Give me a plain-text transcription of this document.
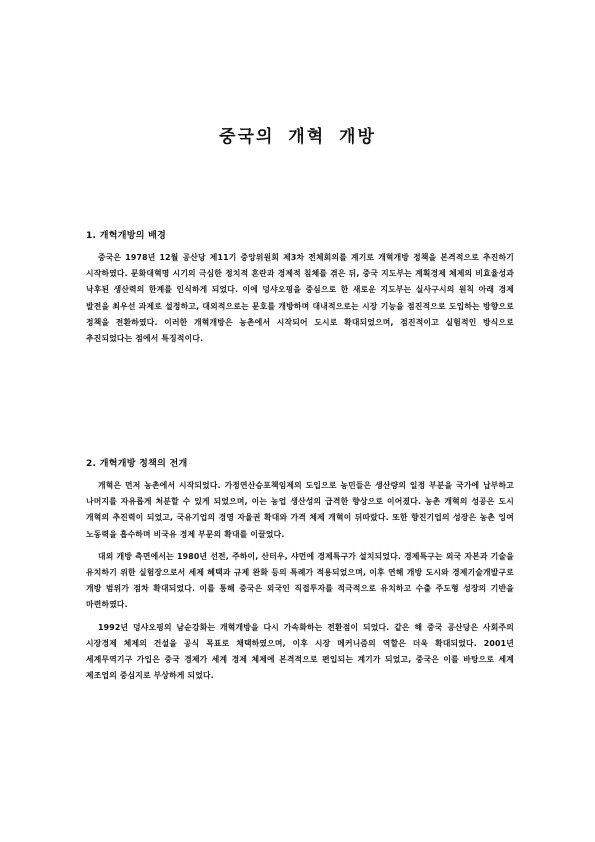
중국의 개혁 개방
1. 개혁개방의 배경

중국은 1978년 12월 공산당 제11기 중앙위원회 제3차 전체회의를 계기로 개혁개방 정책을 본격적으로 추진하기 시작하였다. 문화대혁명 시기의 극심한 정치적 혼란과 경제적 침체를 겪은 뒤, 중국 지도부는 계획경제 체제의 비효율성과 낙후된 생산력의 한계를 인식하게 되었다. 이에 덩샤오핑을 중심으로 한 새로운 지도부는 실사구시의 원칙 아래 경제 발전을 최우선 과제로 설정하고, 대외적으로는 문호를 개방하며 대내적으로는 시장 기능을 점진적으로 도입하는 방향으로 정책을 전환하였다. 이러한 개혁개방은 농촌에서 시작되어 도시로 확대되었으며, 점진적이고 실험적인 방식으로 추진되었다는 점에서 특징적이다.

2. 개혁개방 정책의 전개

개혁은 먼저 농촌에서 시작되었다. 가정연산승포책임제의 도입으로 농민들은 생산량의 일정 부분을 국가에 납부하고 나머지를 자유롭게 처분할 수 있게 되었으며, 이는 농업 생산성의 급격한 향상으로 이어졌다. 농촌 개혁의 성공은 도시 개혁의 추진력이 되었고, 국유기업의 경영 자율권 확대와 가격 체제 개혁이 뒤따랐다. 또한 향진기업의 성장은 농촌 잉여 노동력을 흡수하며 비국유 경제 부문의 확대를 이끌었다.

대외 개방 측면에서는 1980년 선전, 주하이, 산터우, 샤먼에 경제특구가 설치되었다. 경제특구는 외국 자본과 기술을 유치하기 위한 실험장으로서 세제 혜택과 규제 완화 등의 특례가 적용되었으며, 이후 연해 개방 도시와 경제기술개발구로 개방 범위가 점차 확대되었다. 이를 통해 중국은 외국인 직접투자를 적극적으로 유치하고 수출 주도형 성장의 기반을 마련하였다.

1992년 덩샤오핑의 남순강화는 개혁개방을 다시 가속화하는 전환점이 되었다. 같은 해 중국 공산당은 사회주의 시장경제 체제의 건설을 공식 목표로 채택하였으며, 이후 시장 메커니즘의 역할은 더욱 확대되었다. 2001년 세계무역기구 가입은 중국 경제가 세계 경제 체제에 본격적으로 편입되는 계기가 되었고, 중국은 이를 바탕으로 세계 제조업의 중심지로 부상하게 되었다.
